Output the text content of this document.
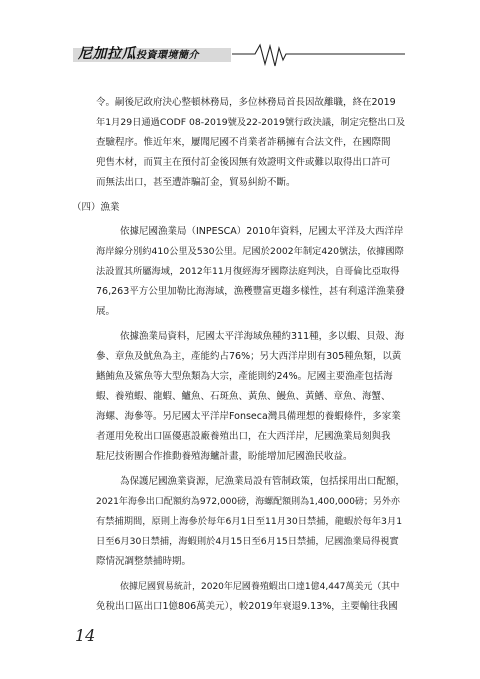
尼加拉瓜投資環境簡介
令。嗣後尼政府決心整頓林務局，多位林務局首長因故離職，終在2019
年1月29日通過CODF 08-2019號及22-2019號行政決議，制定完整出口及
查驗程序。惟近年來，屢聞尼國不肖業者詐稱擁有合法文件，在國際間
兜售木材，而買主在預付訂金後因無有效證明文件或難以取得出口許可
而無法出口，甚至遭詐騙訂金，貿易糾紛不斷。
（四）漁業
依據尼國漁業局（INPESCA）2010年資料，尼國太平洋及大西洋岸
海岸線分別約410公里及530公里。尼國於2002年制定420號法，依據國際
法設置其所屬海域，2012年11月復經海牙國際法庭判決，自哥倫比亞取得
76,263平方公里加勒比海海域，漁穫豐富更趨多樣性，甚有利遠洋漁業發
展。
依據漁業局資料，尼國太平洋海域魚種約311種，多以蝦、貝殼、海
參、章魚及魷魚為主，產能約占76%；另大西洋岸則有305種魚類，以黃
鰭鮪魚及鯊魚等大型魚類為大宗，產能則約24%。尼國主要漁產包括海
蝦、養殖蝦、龍蝦、鱸魚、石斑魚、黃魚、鰻魚、黃鰭、章魚、海蟹、
海螺、海參等。另尼國太平洋岸Fonseca灣具備理想的養蝦條件，多家業
者運用免稅出口區優惠設廠養殖出口，在大西洋岸，尼國漁業局刻與我
駐尼技術團合作推動養殖海鱸計畫，盼能增加尼國漁民收益。
為保護尼國漁業資源，尼漁業局設有管制政策，包括採用出口配額，
2021年海參出口配額約為972,000磅，海螺配額則為1,400,000磅；另外亦
有禁捕期間，原則上海參於每年6月1日至11月30日禁捕，龍蝦於每年3月1
日至6月30日禁捕，海蝦則於4月15日至6月15日禁捕，尼國漁業局得視實
際情況調整禁捕時期。
依據尼國貿易統計，2020年尼國養殖蝦出口達1億4,447萬美元（其中
免稅出口區出口1億806萬美元），較2019年衰退9.13%，主要輸往我國
14
